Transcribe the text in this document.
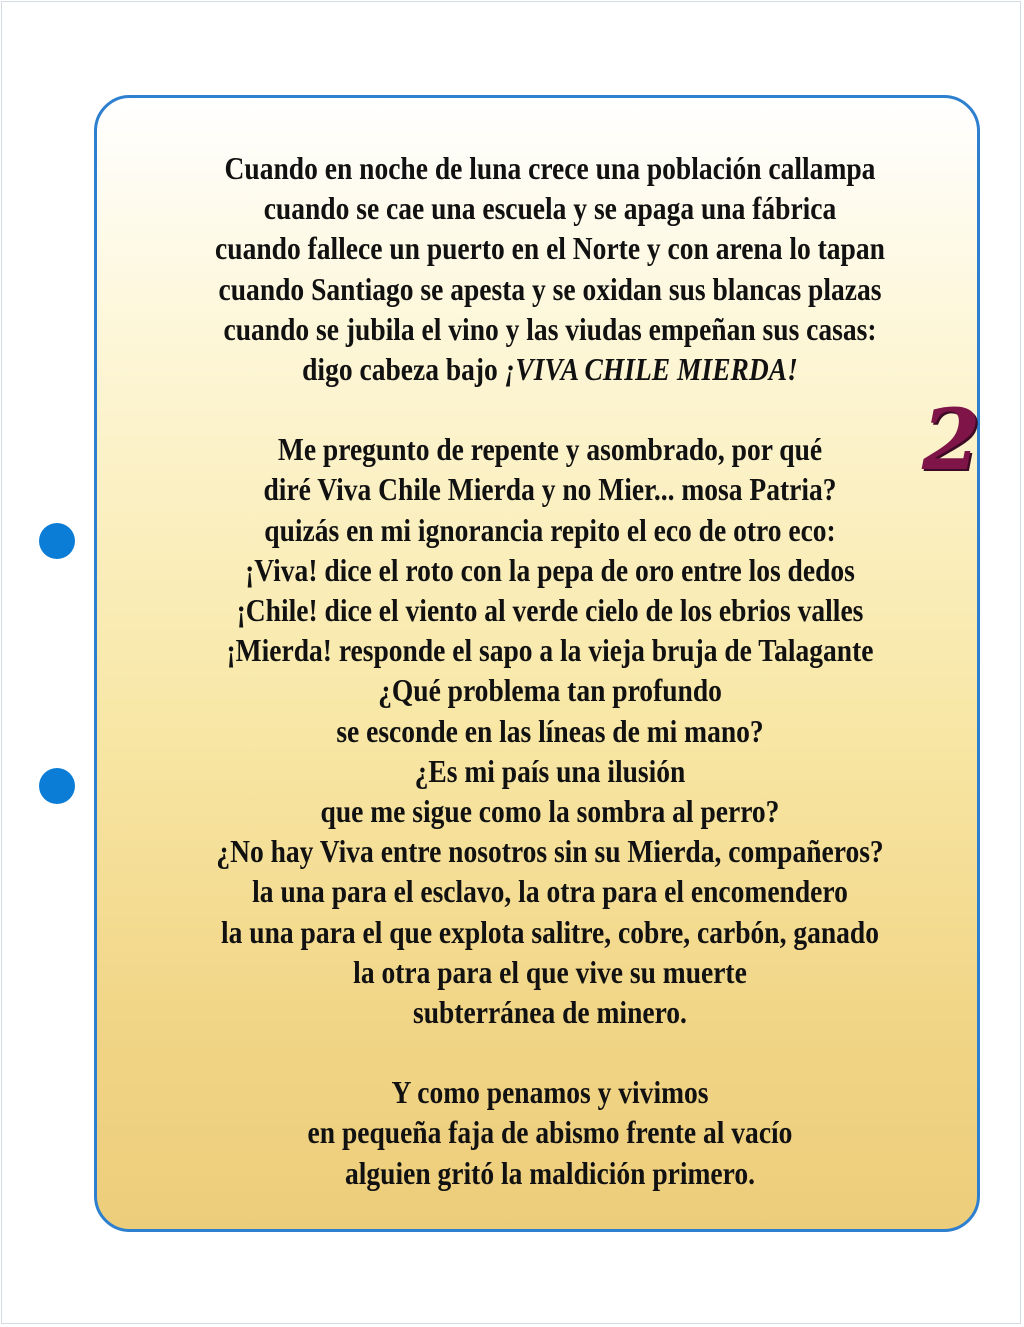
2
Cuando en noche de luna crece una población callampa
cuando se cae una escuela y se apaga una fábrica
cuando fallece un puerto en el Norte y con arena lo tapan
cuando Santiago se apesta y se oxidan sus blancas plazas
cuando se jubila el vino y las viudas empeñan sus casas:
digo cabeza bajo ¡VIVA CHILE MIERDA!
Me pregunto de repente y asombrado, por qué
diré Viva Chile Mierda y no Mier... mosa Patria?
quizás en mi ignorancia repito el eco de otro eco:
¡Viva! dice el roto con la pepa de oro entre los dedos
¡Chile! dice el viento al verde cielo de los ebrios valles
¡Mierda! responde el sapo a la vieja bruja de Talagante
¿Qué problema tan profundo
se esconde en las líneas de mi mano?
¿Es mi país una ilusión
que me sigue como la sombra al perro?
¿No hay Viva entre nosotros sin su Mierda, compañeros?
la una para el esclavo, la otra para el encomendero
la una para el que explota salitre, cobre, carbón, ganado
la otra para el que vive su muerte
subterránea de minero.
Y como penamos y vivimos
en pequeña faja de abismo frente al vacío
alguien gritó la maldición primero.
